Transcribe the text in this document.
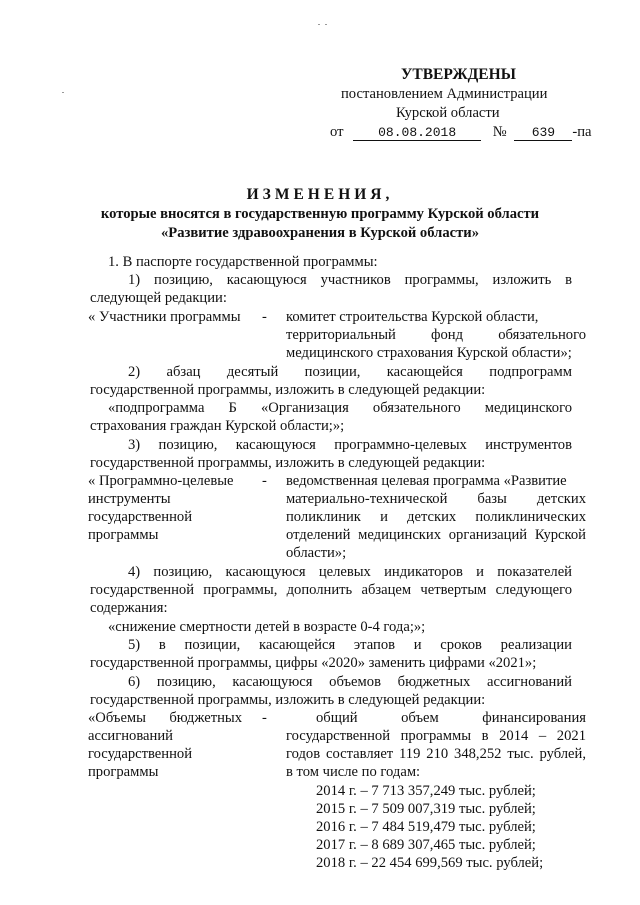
УТВЕРЖДЕНЫ
постановлением Администрации
Курской области
от	08.08.2018	№ 639 -па
ИЗМЕНЕНИЯ,
которые вносятся в государственную программу Курской области
«Развитие здравоохранения в Курской области»
1. В паспорте государственной программы:
1) позицию, касающуюся участников программы, изложить в
следующей редакции:
« Участники программы - комитет строительства Курской области,
территориальный фонд обязательного
медицинского страхования Курской области»;
2) абзац десятый позиции, касающейся подпрограмм
государственной программы, изложить в следующей редакции:
«подпрограмма Б «Организация обязательного медицинского
страхования граждан Курской области;»;
3) позицию, касающуюся программно-целевых инструментов
государственной программы, изложить в следующей редакции:
« Программно-целевые -
инструменты
государственной
программы
ведомственная целевая программа «Развитие
материально-технической базы детских
поликлиник и детских поликлинических
отделений медицинских организаций Курской
области»;
4) позицию, касающуюся целевых индикаторов и показателей
государственной программы, дополнить абзацем четвертым следующего
содержания:
«снижение смертности детей в возрасте 0-4 года;»;
5) в позиции, касающейся этапов и сроков реализации
государственной программы, цифры «2020» заменить цифрами «2021»;
6) позицию, касающуюся объемов бюджетных ассигнований
государственной программы, изложить в следующей редакции:
«Объемы бюджетных -
ассигнований
государственной
программы
общий объем финансирования
государственной программы в 2014 – 2021
годов составляет 119 210 348,252 тыс. рублей,
в том числе по годам:
2014 г. – 7 713 357,249 тыс. рублей;
2015 г. – 7 509 007,319 тыс. рублей;
2016 г. – 7 484 519,479 тыс. рублей;
2017 г. – 8 689 307,465 тыс. рублей;
2018 г. – 22 454 699,569 тыс. рублей;
